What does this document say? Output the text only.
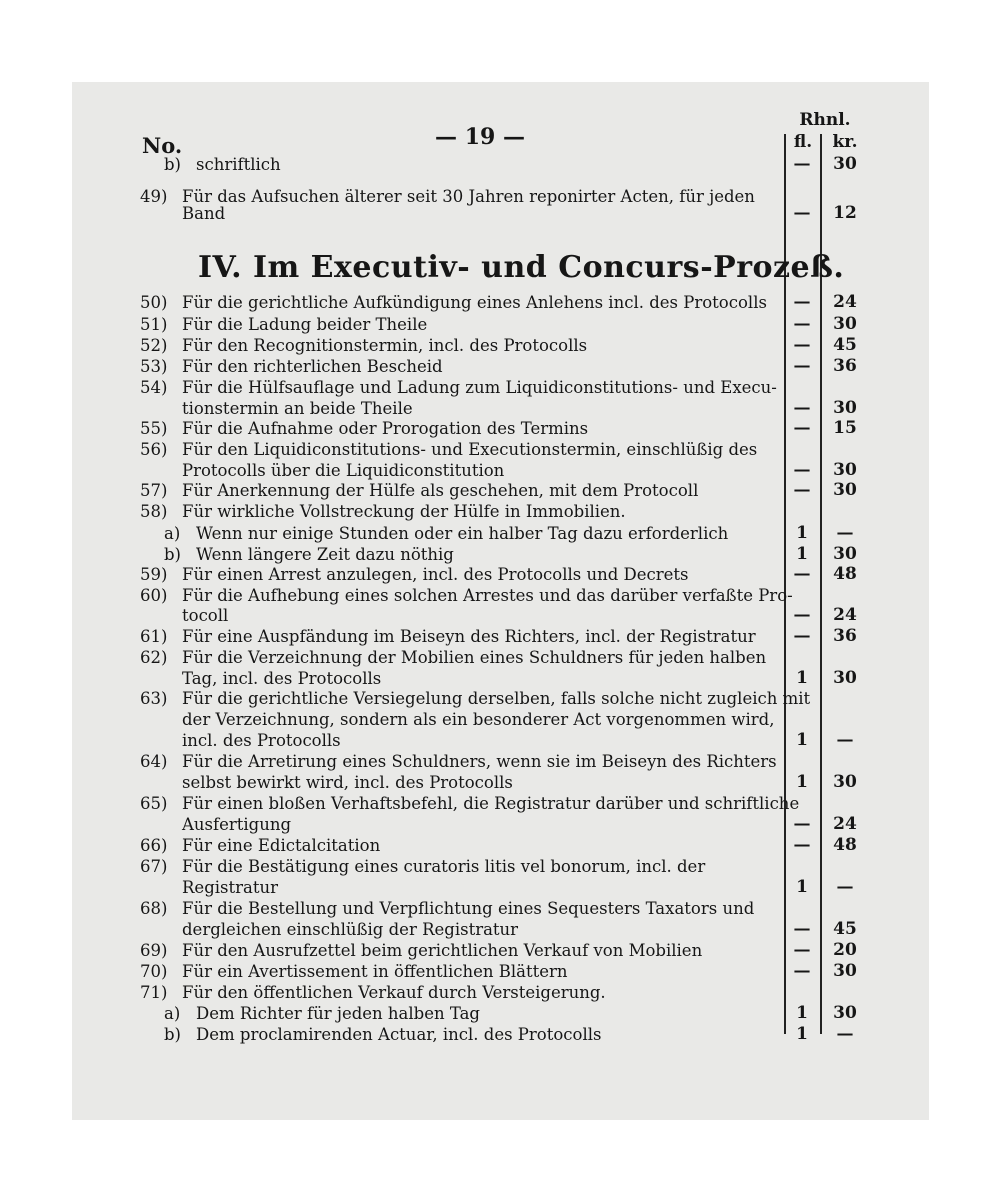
No.	— 19 —
Rhnl.
fl.	kr.
IV. Im Executiv- und Concurs-Prozeß.
b) schriftlich	—	30
49) Für das Aufsuchen älterer seit 30 Jahren reponirter Acten, für jeden
Band	—	12
50) Für die gerichtliche Aufkündigung eines Anlehens incl. des Protocolls	—	24
51) Für die Ladung beider Theile	—	30
52) Für den Recognitionstermin, incl. des Protocolls	—	45
53) Für den richterlichen Bescheid	—	36
54) Für die Hülfsauflage und Ladung zum Liquidiconstitutions- und Execu-
tionstermin an beide Theile	—	30
55) Für die Aufnahme oder Prorogation des Termins	—	15
56) Für den Liquidiconstitutions- und Executionstermin, einschlüßig des
Protocolls über die Liquidiconstitution	—	30
57) Für Anerkennung der Hülfe als geschehen, mit dem Protocoll	—	30
58) Für wirkliche Vollstreckung der Hülfe in Immobilien.
a) Wenn nur einige Stunden oder ein halber Tag dazu erforderlich	1	—
b) Wenn längere Zeit dazu nöthig	1	30
59) Für einen Arrest anzulegen, incl. des Protocolls und Decrets	—	48
60) Für die Aufhebung eines solchen Arrestes und das darüber verfaßte Pro-
tocoll	—	24
61) Für eine Auspfändung im Beiseyn des Richters, incl. der Registratur	—	36
62) Für die Verzeichnung der Mobilien eines Schuldners für jeden halben
Tag, incl. des Protocolls	1	30
63) Für die gerichtliche Versiegelung derselben, falls solche nicht zugleich mit
der Verzeichnung, sondern als ein besonderer Act vorgenommen wird,
incl. des Protocolls	1	—
64) Für die Arretirung eines Schuldners, wenn sie im Beiseyn des Richters
selbst bewirkt wird, incl. des Protocolls	1	30
65) Für einen bloßen Verhaftsbefehl, die Registratur darüber und schriftliche
Ausfertigung	—	24
66) Für eine Edictalcitation	—	48
67) Für die Bestätigung eines curatoris litis vel bonorum, incl. der
Registratur	1	—
68) Für die Bestellung und Verpflichtung eines Sequesters Taxators und
dergleichen einschlüßig der Registratur	—	45
69) Für den Ausrufzettel beim gerichtlichen Verkauf von Mobilien	—	20
70) Für ein Avertissement in öffentlichen Blättern	—	30
71) Für den öffentlichen Verkauf durch Versteigerung.
a) Dem Richter für jeden halben Tag	1	30
b) Dem proclamirenden Actuar, incl. des Protocolls	1	—
